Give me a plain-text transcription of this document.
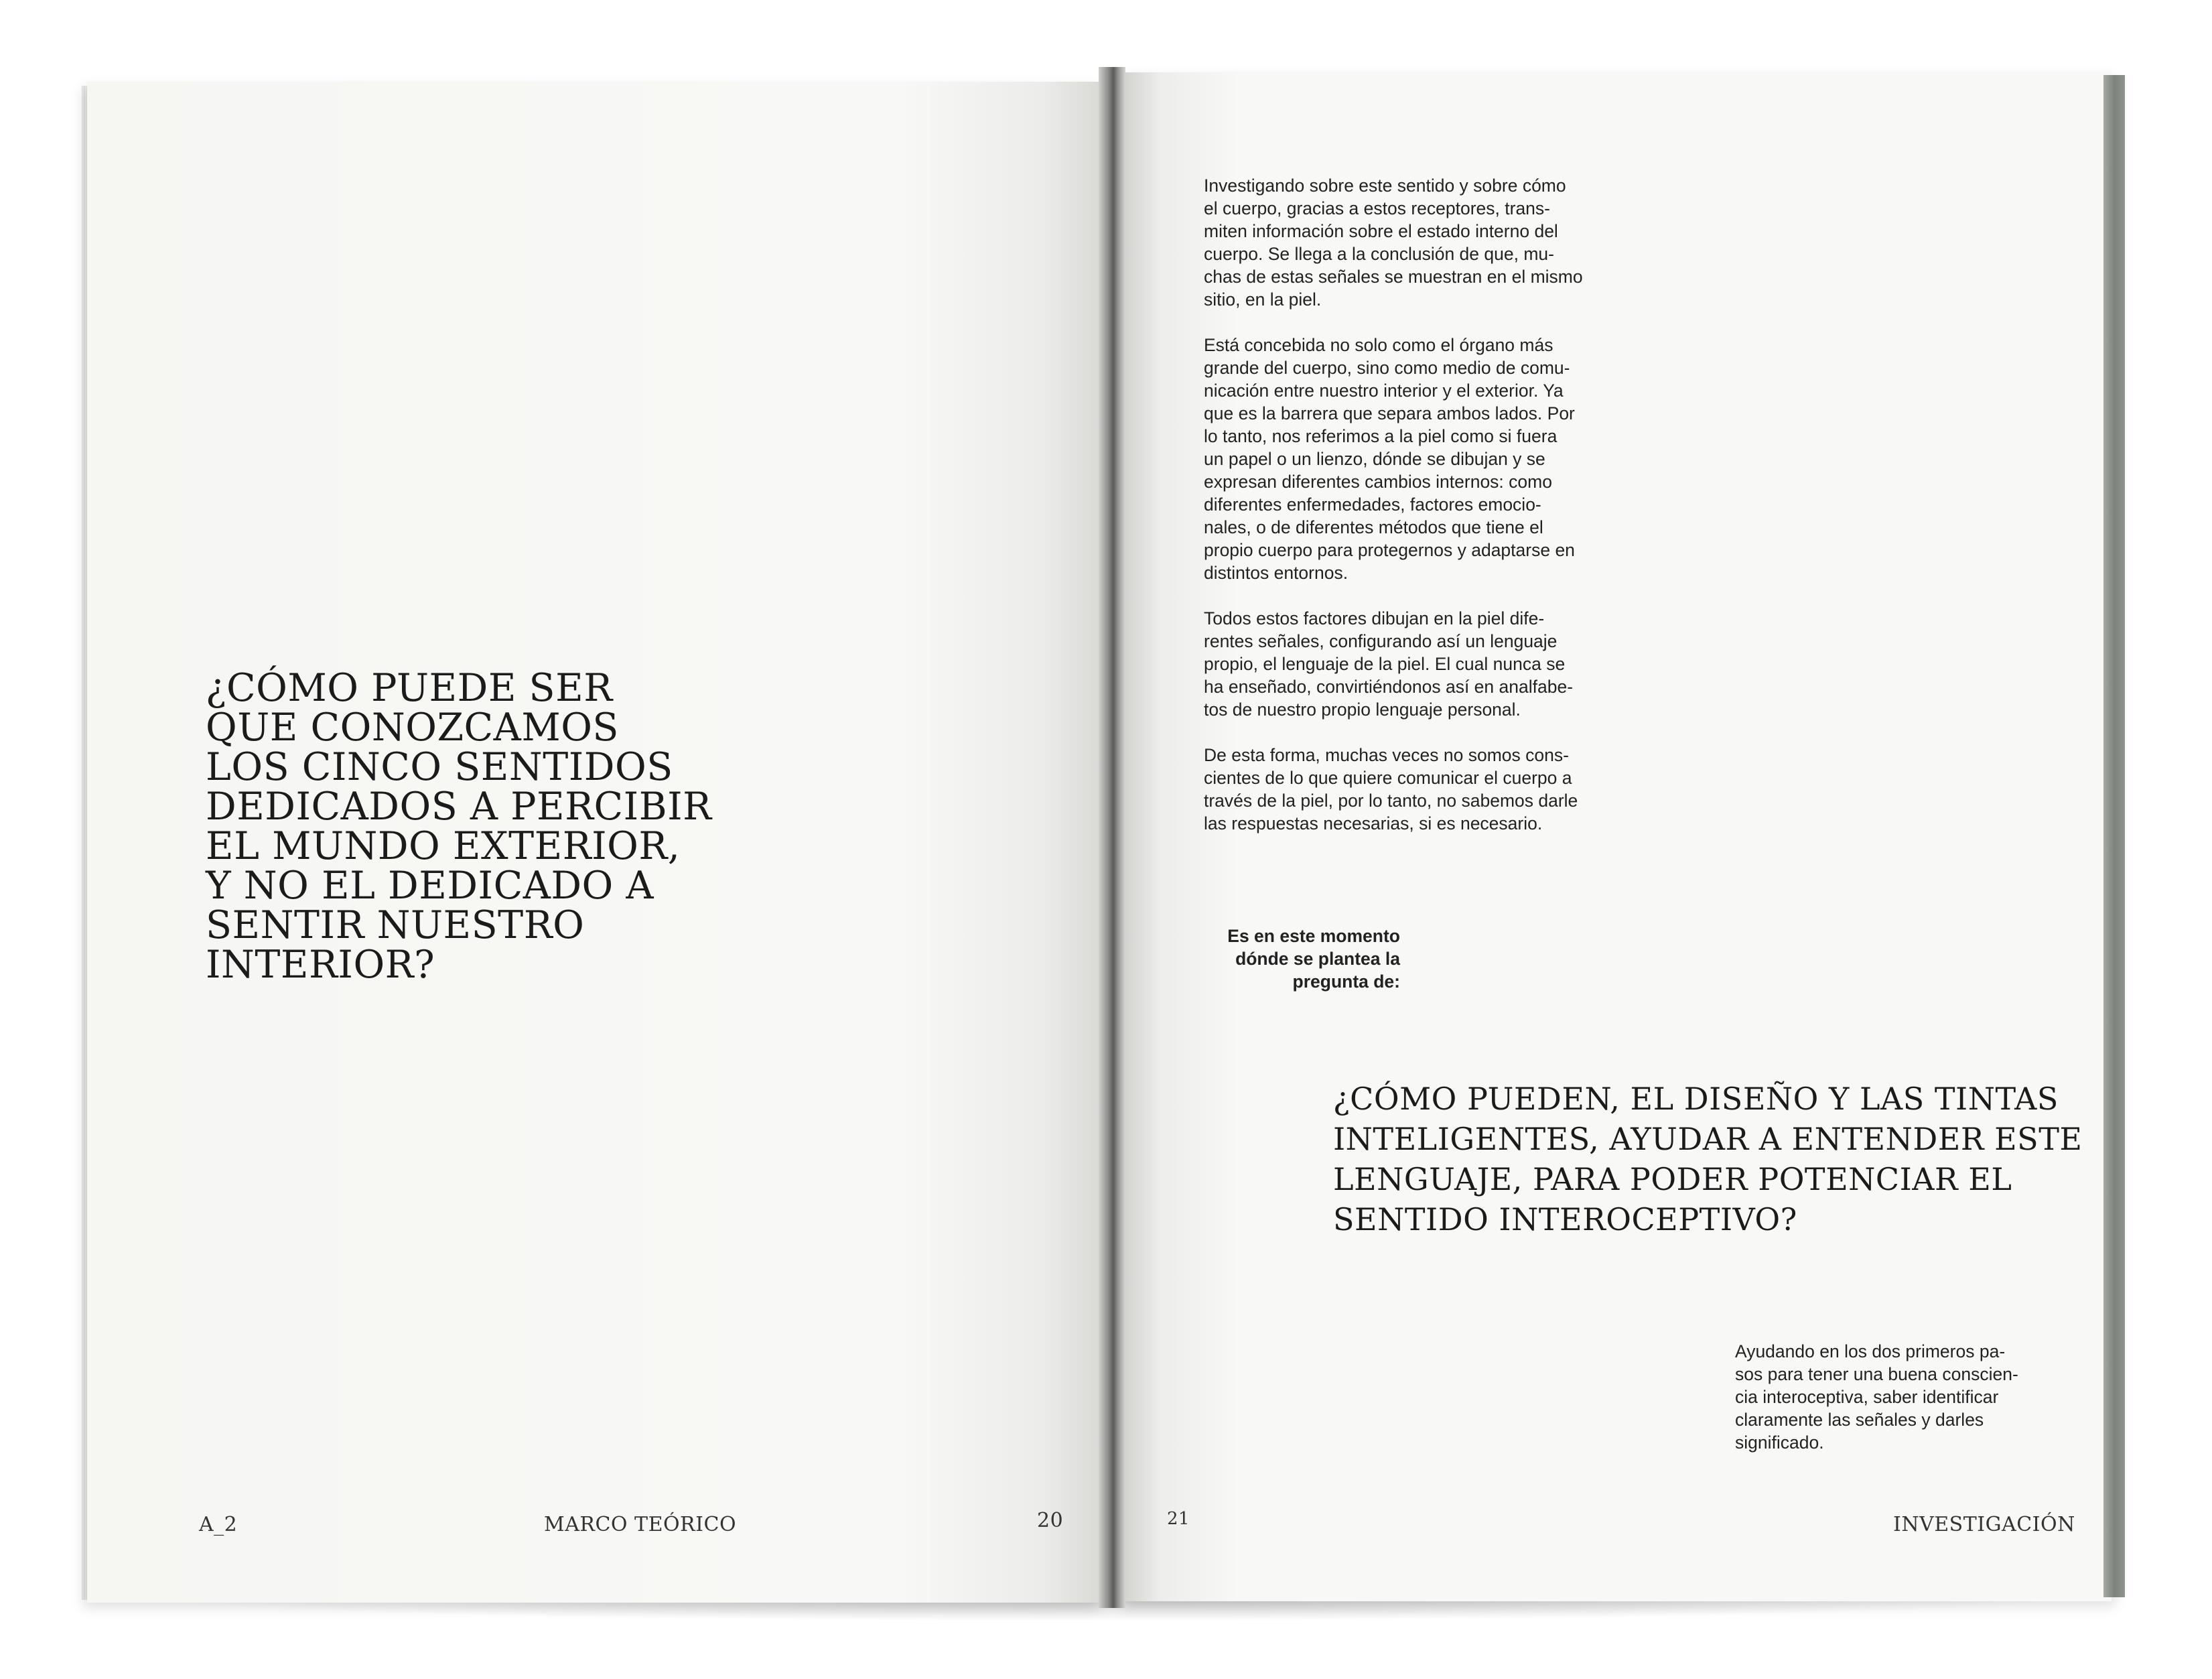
¿CÓMO PUEDE SER
QUE CONOZCAMOS
LOS CINCO SENTIDOS
DEDICADOS A PERCIBIR
EL MUNDO EXTERIOR,
Y NO EL DEDICADO A
SENTIR NUESTRO
INTERIOR?
A_2	MARCO TEÓRICO	20

Investigando sobre este sentido y sobre cómo
el cuerpo, gracias a estos receptores, trans-
miten información sobre el estado interno del
cuerpo. Se llega a la conclusión de que, mu-
chas de estas señales se muestran en el mismo
sitio, en la piel.

Está concebida no solo como el órgano más
grande del cuerpo, sino como medio de comu-
nicación entre nuestro interior y el exterior. Ya
que es la barrera que separa ambos lados. Por
lo tanto, nos referimos a la piel como si fuera
un papel o un lienzo, dónde se dibujan y se
expresan diferentes cambios internos: como
diferentes enfermedades, factores emocio-
nales, o de diferentes métodos que tiene el
propio cuerpo para protegernos y adaptarse en
distintos entornos.

Todos estos factores dibujan en la piel dife-
rentes señales, configurando así un lenguaje
propio, el lenguaje de la piel. El cual nunca se
ha enseñado, convirtiéndonos así en analfabe-
tos de nuestro propio lenguaje personal.

De esta forma, muchas veces no somos cons-
cientes de lo que quiere comunicar el cuerpo a
través de la piel, por lo tanto, no sabemos darle
las respuestas necesarias, si es necesario.

Es en este momento
dónde se plantea la
pregunta de:
¿CÓMO PUEDEN, EL DISEÑO Y LAS TINTAS
INTELIGENTES, AYUDAR A ENTENDER ESTE
LENGUAJE, PARA PODER POTENCIAR EL
SENTIDO INTEROCEPTIVO?
Ayudando en los dos primeros pa-
sos para tener una buena conscien-
cia interoceptiva, saber identificar
claramente las señales y darles
significado.
21	INVESTIGACIÓN
